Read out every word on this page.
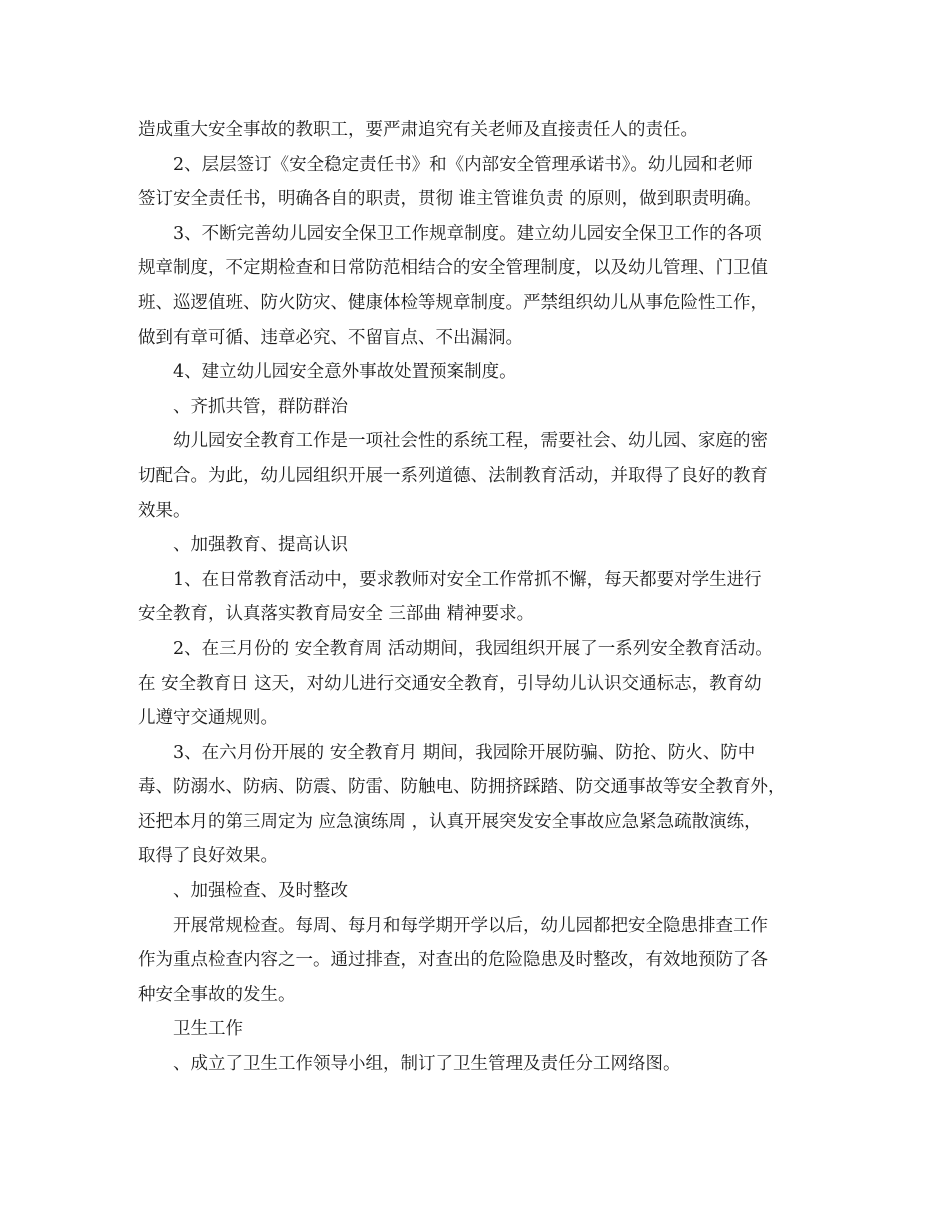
造成重大安全事故的教职工，要严肃追究有关老师及直接责任人的责任。
2、层层签订《安全稳定责任书》和《内部安全管理承诺书》。幼儿园和老师
签订安全责任书，明确各自的职责，贯彻 谁主管谁负责 的原则，做到职责明确。
3、不断完善幼儿园安全保卫工作规章制度。建立幼儿园安全保卫工作的各项
规章制度，不定期检查和日常防范相结合的安全管理制度，以及幼儿管理、门卫值
班、巡逻值班、防火防灾、健康体检等规章制度。严禁组织幼儿从事危险性工作，
做到有章可循、违章必究、不留盲点、不出漏洞。
4、建立幼儿园安全意外事故处置预案制度。
、齐抓共管，群防群治
幼儿园安全教育工作是一项社会性的系统工程，需要社会、幼儿园、家庭的密
切配合。为此，幼儿园组织开展一系列道德、法制教育活动，并取得了良好的教育
效果。
、加强教育、提高认识
1、在日常教育活动中，要求教师对安全工作常抓不懈，每天都要对学生进行
安全教育，认真落实教育局安全 三部曲 精神要求。
2、在三月份的 安全教育周 活动期间，我园组织开展了一系列安全教育活动。
在 安全教育日 这天，对幼儿进行交通安全教育，引导幼儿认识交通标志，教育幼
儿遵守交通规则。
3、在六月份开展的 安全教育月 期间，我园除开展防骗、防抢、防火、防中
毒、防溺水、防病、防震、防雷、防触电、防拥挤踩踏、防交通事故等安全教育外，
还把本月的第三周定为 应急演练周 ，认真开展突发安全事故应急紧急疏散演练，
取得了良好效果。
、加强检查、及时整改
开展常规检查。每周、每月和每学期开学以后，幼儿园都把安全隐患排查工作
作为重点检查内容之一。通过排查，对查出的危险隐患及时整改，有效地预防了各
种安全事故的发生。
卫生工作
、成立了卫生工作领导小组，制订了卫生管理及责任分工网络图。
